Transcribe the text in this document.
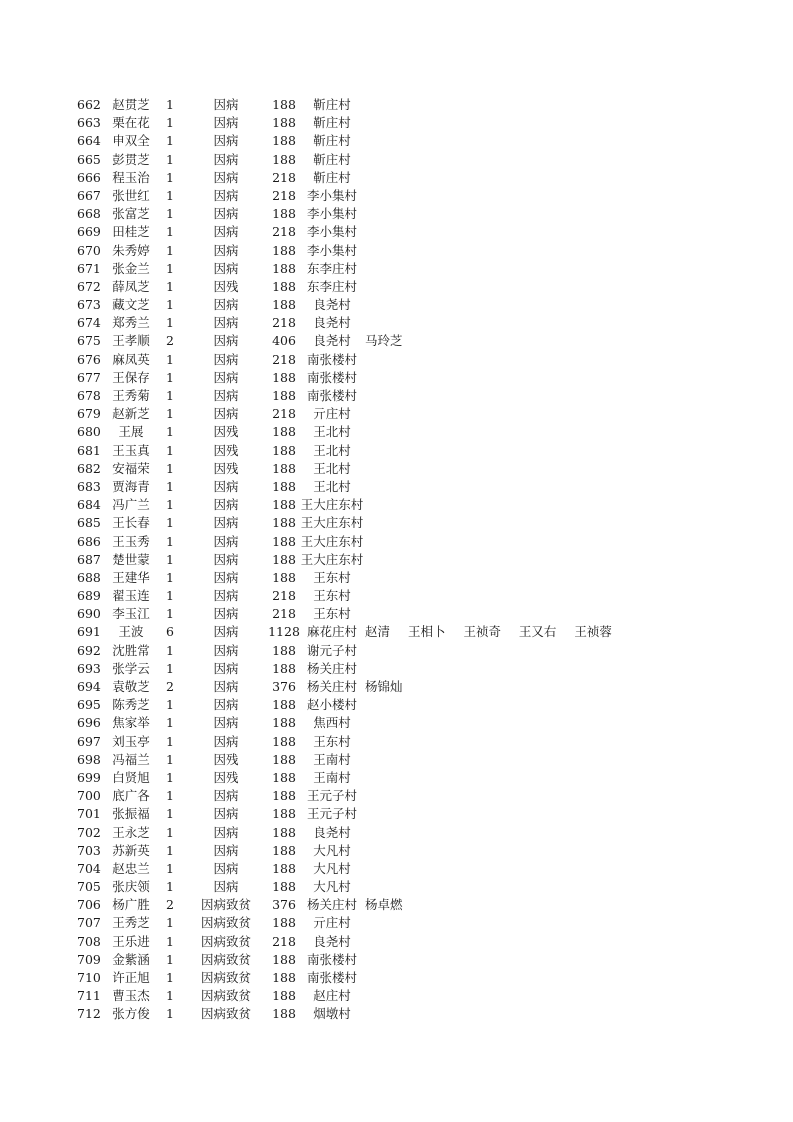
662 赵贯芝	1	因病	188	靳庄村
663 栗在花	1	因病	188	靳庄村
664 申双全	1	因病	188	靳庄村
665 彭贯芝	1	因病	188	靳庄村
666 程玉治	1	因病	218	靳庄村
667 张世红	1	因病	218 李小集村
668 张富芝	1	因病	188 李小集村
669 田桂芝	1	因病	218 李小集村
670 朱秀婷	1	因病	188 李小集村
671 张金兰	1	因病	188 东李庄村
672 薛凤芝	1	因残	188 东李庄村
673 藏文芝	1	因病	188	良尧村
674 郑秀兰	1	因病	218	良尧村
675 王孝顺	2	因病	406	良尧村	马玲芝
676 麻凤英	1	因病	218 南张楼村
677 王保存	1	因病	188 南张楼村
678 王秀菊	1	因病	188 南张楼村
679 赵新芝	1	因病	218	亓庄村
680	王展	1	因残	188	王北村
681 王玉真	1	因残	188	王北村
682 安福荣	1	因残	188	王北村
683 贾海青	1	因病	188	王北村
684 冯广兰	1	因病	188 王大庄东村
685 王长春	1	因病	188 王大庄东村
686 王玉秀	1	因病	188 王大庄东村
687 楚世蒙	1	因病	188 王大庄东村
688 王建华	1	因病	188	王东村
689 翟玉连	1	因病	218	王东村
690 李玉江	1	因病	218	王东村
691	王波	6	因病	1128 麻花庄村 赵清 王相卜 王祯奇 王又右 王祯蓉
692 沈胜常	1	因病	188 谢元子村
693 张学云	1	因病	188 杨关庄村
694 袁敬芝	2	因病	376 杨关庄村 杨锦灿
695 陈秀芝	1	因病	188 赵小楼村
696 焦家举	1	因病	188	焦西村
697 刘玉亭	1	因病	188	王东村
698 冯福兰	1	因残	188	王南村
699 白贤旭	1	因残	188	王南村
700 底广各	1	因病	188 王元子村
701 张振福	1	因病	188 王元子村
702 王永芝	1	因病	188	良尧村
703 苏新英	1	因病	188	大凡村
704 赵忠兰	1	因病	188	大凡村
705 张庆领	1	因病	188	大凡村
706 杨广胜	2	因病致贫	376 杨关庄村 杨卓燃
707 王秀芝	1	因病致贫	188	亓庄村
708 王乐进	1	因病致贫	218	良尧村
709 金紫涵	1	因病致贫	188 南张楼村
710 许正旭	1	因病致贫	188 南张楼村
711 曹玉杰	1	因病致贫	188	赵庄村
712 张方俊	1	因病致贫	188	烟墩村
